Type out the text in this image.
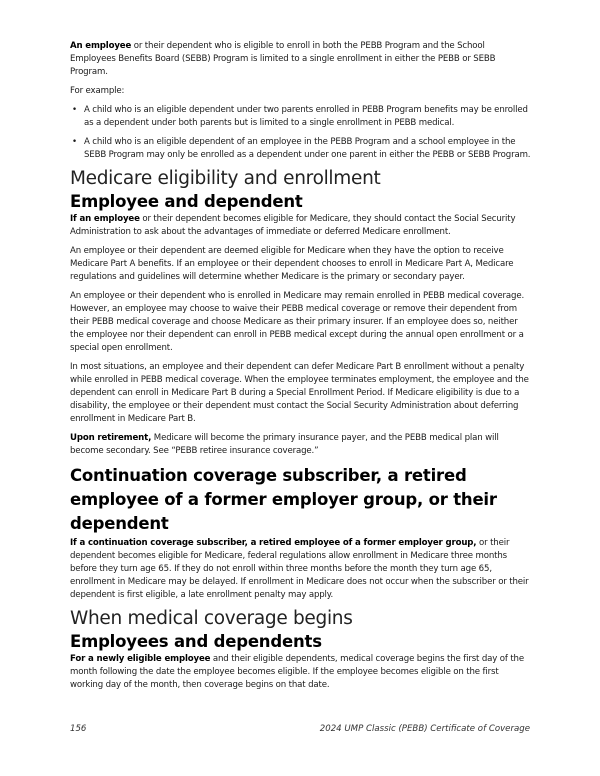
An employee or their dependent who is eligible to enroll in both the PEBB Program and the School Employees Benefits Board (SEBB) Program is limited to a single enrollment in either the PEBB or SEBB Program.

For example:

• A child who is an eligible dependent under two parents enrolled in PEBB Program benefits may be enrolled as a dependent under both parents but is limited to a single enrollment in PEBB medical.
• A child who is an eligible dependent of an employee in the PEBB Program and a school employee in the SEBB Program may only be enrolled as a dependent under one parent in either the PEBB or SEBB Program.
Medicare eligibility and enrollment
Employee and dependent

If an employee or their dependent becomes eligible for Medicare, they should contact the Social Security Administration to ask about the advantages of immediate or deferred Medicare enrollment.

An employee or their dependent are deemed eligible for Medicare when they have the option to receive Medicare Part A benefits. If an employee or their dependent chooses to enroll in Medicare Part A, Medicare regulations and guidelines will determine whether Medicare is the primary or secondary payer.

An employee or their dependent who is enrolled in Medicare may remain enrolled in PEBB medical coverage. However, an employee may choose to waive their PEBB medical coverage or remove their dependent from their PEBB medical coverage and choose Medicare as their primary insurer. If an employee does so, neither the employee nor their dependent can enroll in PEBB medical except during the annual open enrollment or a special open enrollment.

In most situations, an employee and their dependent can defer Medicare Part B enrollment without a penalty while enrolled in PEBB medical coverage. When the employee terminates employment, the employee and the dependent can enroll in Medicare Part B during a Special Enrollment Period. If Medicare eligibility is due to a disability, the employee or their dependent must contact the Social Security Administration about deferring enrollment in Medicare Part B.

Upon retirement, Medicare will become the primary insurance payer, and the PEBB medical plan will become secondary. See “PEBB retiree insurance coverage.”

Continuation coverage subscriber, a retired employee of a former employer group, or their dependent

If a continuation coverage subscriber, a retired employee of a former employer group, or their dependent becomes eligible for Medicare, federal regulations allow enrollment in Medicare three months before they turn age 65. If they do not enroll within three months before the month they turn age 65, enrollment in Medicare may be delayed. If enrollment in Medicare does not occur when the subscriber or their dependent is first eligible, a late enrollment penalty may apply.

When medical coverage begins
Employees and dependents

For a newly eligible employee and their eligible dependents, medical coverage begins the first day of the month following the date the employee becomes eligible. If the employee becomes eligible on the first working day of the month, then coverage begins on that date.

156	2024 UMP Classic (PEBB) Certificate of Coverage
